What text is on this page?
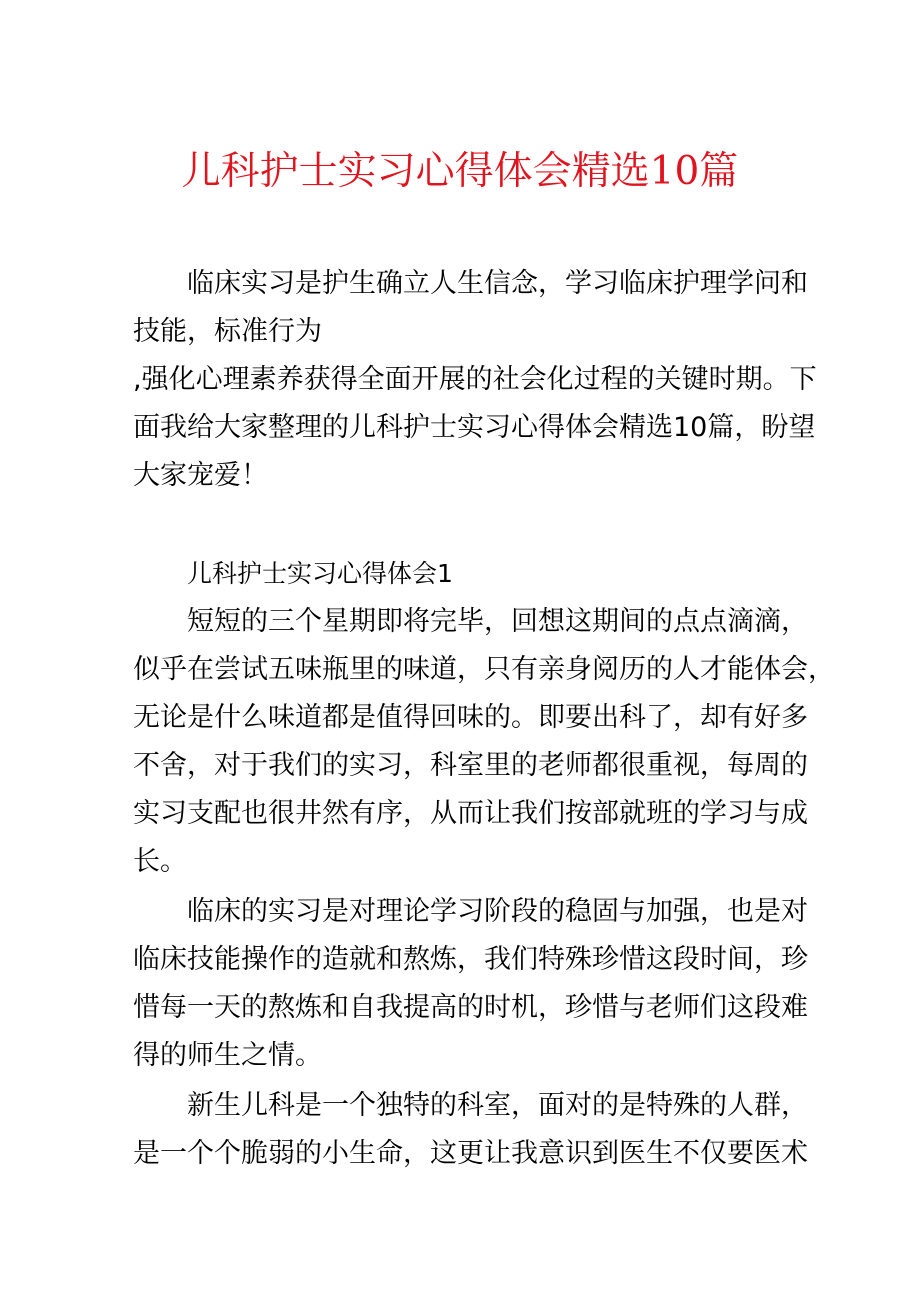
儿科护士实习心得体会精选10篇

临床实习是护生确立人生信念，学习临床护理学问和

技能，标准行为

,强化心理素养获得全面开展的社会化过程的关键时期。下

面我给大家整理的儿科护士实习心得体会精选10篇，盼望

大家宠爱！

儿科护士实习心得体会1

短短的三个星期即将完毕，回想这期间的点点滴滴，

似乎在尝试五味瓶里的味道，只有亲身阅历的人才能体会，

无论是什么味道都是值得回味的。即要出科了，却有好多

不舍，对于我们的实习，科室里的老师都很重视，每周的

实习支配也很井然有序，从而让我们按部就班的学习与成

长。

临床的实习是对理论学习阶段的稳固与加强，也是对

临床技能操作的造就和熬炼，我们特殊珍惜这段时间，珍

惜每一天的熬炼和自我提高的时机，珍惜与老师们这段难

得的师生之情。

新生儿科是一个独特的科室，面对的是特殊的人群，

是一个个脆弱的小生命，这更让我意识到医生不仅要医术
